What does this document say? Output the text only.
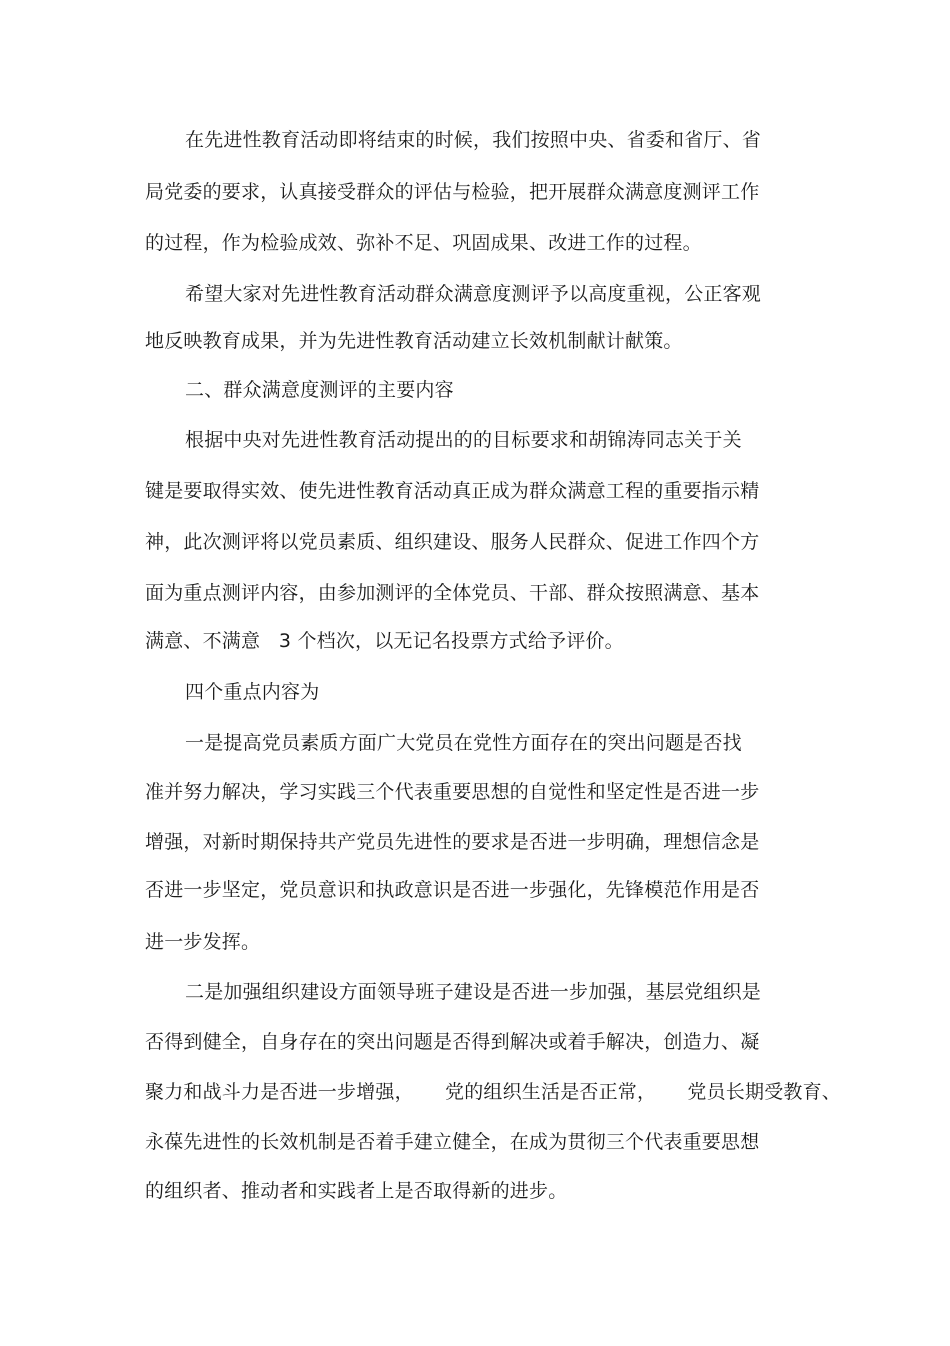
在先进性教育活动即将结束的时候，我们按照中央、省委和省厅、省
局党委的要求，认真接受群众的评估与检验，把开展群众满意度测评工作
的过程，作为检验成效、弥补不足、巩固成果、改进工作的过程。
希望大家对先进性教育活动群众满意度测评予以高度重视，公正客观
地反映教育成果，并为先进性教育活动建立长效机制献计献策。
二、群众满意度测评的主要内容
根据中央对先进性教育活动提出的的目标要求和胡锦涛同志关于关
键是要取得实效、使先进性教育活动真正成为群众满意工程的重要指示精
神，此次测评将以党员素质、组织建设、服务人民群众、促进工作四个方
面为重点测评内容，由参加测评的全体党员、干部、群众按照满意、基本
满意、不满意   3 个档次，以无记名投票方式给予评价。
四个重点内容为
一是提高党员素质方面广大党员在党性方面存在的突出问题是否找
准并努力解决，学习实践三个代表重要思想的自觉性和坚定性是否进一步
增强，对新时期保持共产党员先进性的要求是否进一步明确，理想信念是
否进一步坚定，党员意识和执政意识是否进一步强化，先锋模范作用是否
进一步发挥。
二是加强组织建设方面领导班子建设是否进一步加强，基层党组织是
否得到健全，自身存在的突出问题是否得到解决或着手解决，创造力、凝
聚力和战斗力是否进一步增强，     党的组织生活是否正常，     党员长期受教育、
永葆先进性的长效机制是否着手建立健全，在成为贯彻三个代表重要思想
的组织者、推动者和实践者上是否取得新的进步。
